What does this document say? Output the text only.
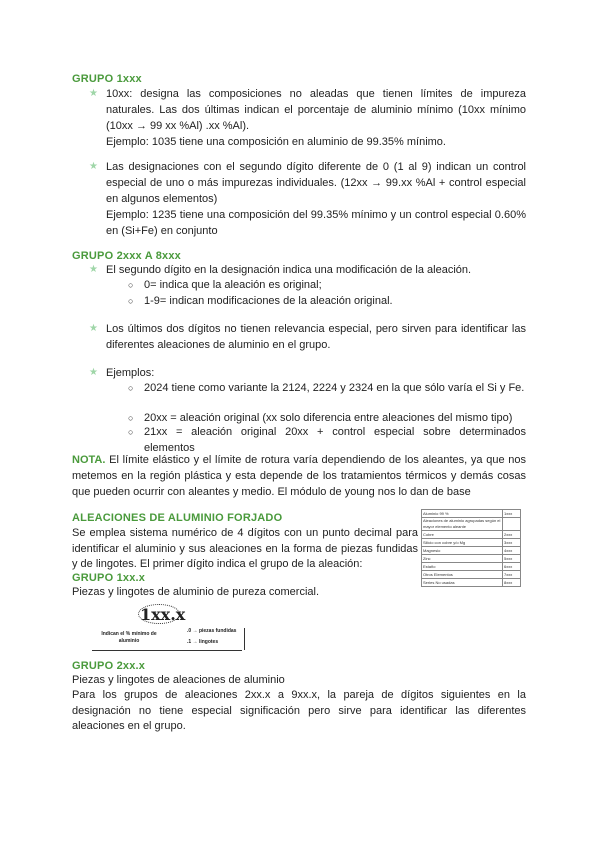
GRUPO 1xxx
★ 10xx: designa las composiciones no aleadas que tienen límites de impureza naturales. Las dos últimas indican el porcentaje de aluminio mínimo (10xx mínimo (10xx → 99 xx %Al) .xx %Al).
Ejemplo: 1035 tiene una composición en aluminio de 99.35% mínimo.
★ Las designaciones con el segundo dígito diferente de 0 (1 al 9) indican un control especial de uno o más impurezas individuales. (12xx → 99.xx %Al + control especial en algunos elementos)
Ejemplo: 1235 tiene una composición del 99.35% mínimo y un control especial 0.60% en (Si+Fe) en conjunto
GRUPO 2xxx A 8xxx
★ El segundo dígito en la designación indica una modificación de la aleación.
○ 0= indica que la aleación es original;
○ 1-9= indican modificaciones de la aleación original.
★ Los últimos dos dígitos no tienen relevancia especial, pero sirven para identificar las diferentes aleaciones de aluminio en el grupo.
★ Ejemplos:
○ 2024 tiene como variante la 2124, 2224 y 2324 en la que sólo varía el Si y Fe.
○ 20xx = aleación original (xx solo diferencia entre aleaciones del mismo tipo)
○ 21xx = aleación original 20xx + control especial sobre determinados elementos
NOTA. El límite elástico y el límite de rotura varía dependiendo de los aleantes, ya que nos metemos en la región plástica y esta depende de los tratamientos térmicos y demás cosas que pueden ocurrir con aleantes y medio. El módulo de young nos lo dan de base
ALEACIONES DE ALUMINIO FORJADO
Se emplea sistema numérico de 4 dígitos con un punto decimal para identificar el aluminio y sus aleaciones en la forma de piezas fundidas y de lingotes. El primer dígito indica el grupo de la aleación:
Aluminio 99 %	1xxx
Aleaciones de aluminio agrupadas según el mayor elemento aleante	
Cobre	2xxx
Silicio con cobre y/o Mg	3xxx
Magnesio	4xxx
Zinc	5xxx
Estaño	6xxx
Otros Elementos	7xxx
Series No usadas	8xxx
GRUPO 1xx.x
Piezas y lingotes de aluminio de pureza comercial.
1xx.x
Indican el % mínimo de aluminio
.0 → piezas fundidas
.1 → lingotes
GRUPO 2xx.x
Piezas y lingotes de aleaciones de aluminio
Para los grupos de aleaciones 2xx.x a 9xx.x, la pareja de dígitos siguientes en la designación no tiene especial significación pero sirve para identificar las diferentes aleaciones en el grupo.
